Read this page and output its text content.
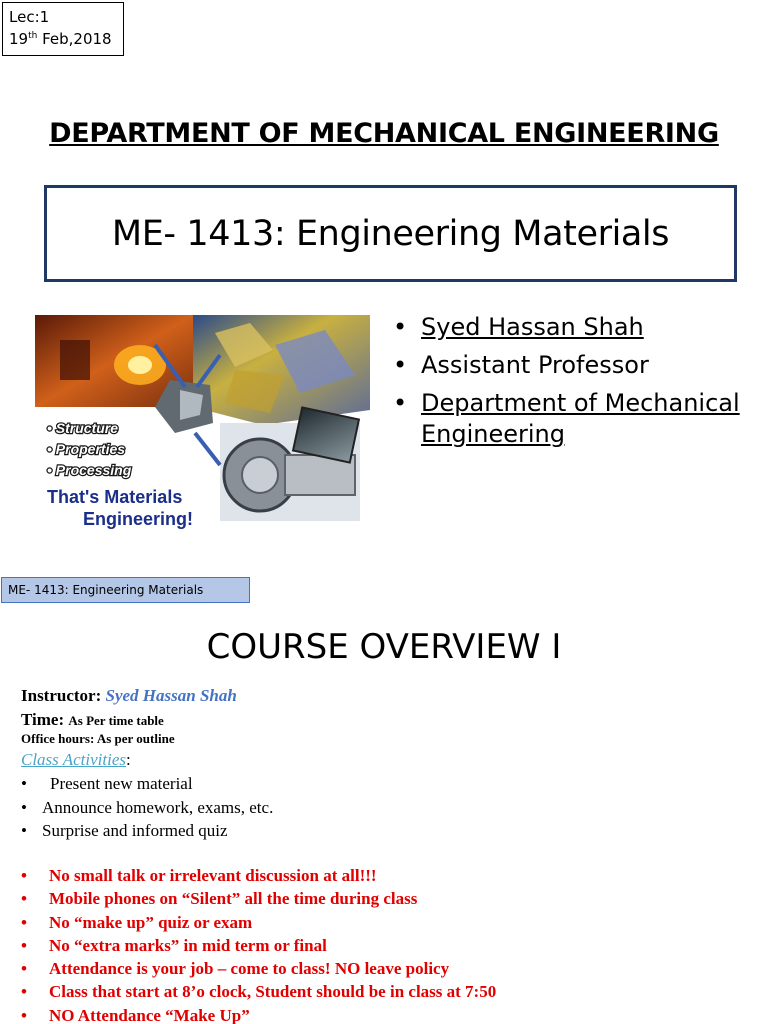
Lec:1
19th Feb,2018
DEPARTMENT OF MECHANICAL ENGINEERING
ME- 1413: Engineering Materials
• Structure
• Properties
• Processing
That's Materials
Engineering!
• Syed Hassan Shah
• Assistant Professor
• Department of Mechanical Engineering
ME- 1413: Engineering Materials
COURSE OVERVIEW I
Instructor: Syed Hassan Shah
Time: As Per time table
Office hours: As per outline
Class Activities:
•	Present new material
• Announce homework, exams, etc.
• Surprise and informed quiz
•	No small talk or irrelevant discussion at all!!!
•	Mobile phones on “Silent” all the time during class
•	No “make up” quiz or exam
•	No “extra marks” in mid term or final
•	Attendance is your job – come to class! NO leave policy
•	Class that start at 8’o clock, Student should be in class at 7:50
•	NO Attendance “Make Up”
